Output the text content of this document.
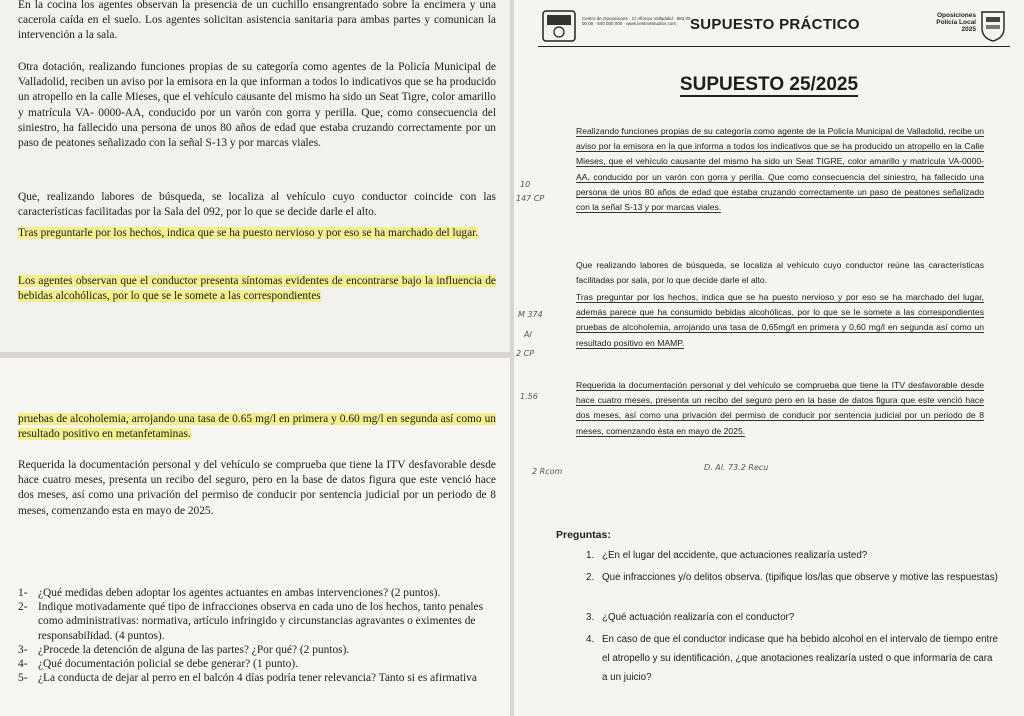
En la cocina los agentes observan la presencia de un cuchillo ensangrentado sobre la encimera y una cacerola caída en el suelo. Los agentes solicitan asistencia sanitaria para ambas partes y comunican la intervención a la sala.

Otra dotación, realizando funciones propias de su categoría como agentes de la Policía Municipal de Valladolid, reciben un aviso por la emisora en la que informan a todos lo indicativos que se ha producido un atropello en la calle Mieses, que el vehículo causante del mismo ha sido un Seat Tigre, color amarillo y matrícula VA- 0000-AA, conducido por un varón con gorra y perilla. Que, como consecuencia del siniestro, ha fallecido una persona de unos 80 años de edad que estaba cruzando correctamente por un paso de peatones señalizado con la señal S-13 y por marcas viales.

Que, realizando labores de búsqueda, se localiza al vehículo cuyo conductor coincide con las características facilitadas por la Sala del 092, por lo que se decide darle el alto.

Tras preguntarle por los hechos, indica que se ha puesto nervioso y por eso se ha marchado del lugar.

Los agentes observan que el conductor presenta síntomas evidentes de encontrarse bajo la influencia de bebidas alcohólicas, por lo que se le somete a las correspondientes

pruebas de alcoholemia, arrojando una tasa de 0.65 mg/l en primera y 0.60 mg/l en segunda así como un resultado positivo en metanfetaminas.

Requerida la documentación personal y del vehículo se comprueba que tiene la ITV desfavorable desde hace cuatro meses, presenta un recibo del seguro, pero en la base de datos figura que este venció hace dos meses, así como una privación del permiso de conducir por sentencia judicial por un periodo de 8 meses, comenzando esta en mayo de 2025.

1- ¿Qué medidas deben adoptar los agentes actuantes en ambas intervenciones? (2 puntos).
2- Indique motivadamente qué tipo de infracciones observa en cada uno de los hechos, tanto penales como administrativas: normativa, artículo infringido y circunstancias agravantes o eximentes de responsabilidad. (4 puntos).
3- ¿Procede la detención de alguna de las partes? ¿Por qué? (2 puntos).
4- ¿Qué documentación policial se debe generar? (1 punto).
5- ¿La conducta de dejar al perro en el balcón 4 días podría tener relevancia? Tanto si es afirmativa
Centro de Oposiciones · C/ Alfonso Valladolid · 983 00 00 00 · 640 000 000 · www.centroestudios.com SUPUESTO PRÁCTICO
Oposiciones Policía Local
2025
SUPUESTO 25/2025

Realizando funciones propias de su categoría como agente de la Policía Municipal de Valladolid, recibe un aviso por la emisora en la que informa a todos los indicativos que se ha producido un atropello en la Calle Mieses, que el vehículo causante del mismo ha sido un Seat TIGRE, color amarillo y matrícula VA-0000-AA, conducido por un varón con gorra y perilla. Que como consecuencia del siniestro, ha fallecido una persona de unos 80 años de edad que estaba cruzando correctamente un paso de peatones señalizado con la señal S-13 y por marcas viales.

Que realizando labores de búsqueda, se localiza al vehículo cuyo conductor reúne las características facilitadas por sala, por lo que decide darle el alto.

Tras preguntar por los hechos, indica que se ha puesto nervioso y por eso se ha marchado del lugar, además parece que ha consumido bebidas alcohólicas, por lo que se le somete a las correspondientes pruebas de alcoholemia, arrojando una tasa de 0,65mg/l en primera y 0,60 mg/l en segunda así como un resultado positivo en MAMP.

Requerida la documentación personal y del vehículo se comprueba que tiene la ITV desfavorable desde hace cuatro meses, presenta un recibo del seguro pero en la base de datos figura que este venció hace dos meses, así como una privación del permiso de conducir por sentencia judicial por un periodo de 8 meses, comenzando ésta en mayo de 2025.

10
147 CP
M 374
Al
2 CP
1.56
D. Al. 73.2 Recu
2 Rcom
Preguntas:
1. ¿En el lugar del accidente, que actuaciones realizaría usted?
2. Que infracciones y/o delitos observa. (tipifique los/las que observe y motive las respuestas)
3. ¿Qué actuación realizaría con el conductor?
4. En caso de que el conductor indicase que ha bebido alcohol en el intervalo de tiempo entre el atropello y su identificación, ¿que anotaciones realizaría usted o que informaría de cara a un juicio?
